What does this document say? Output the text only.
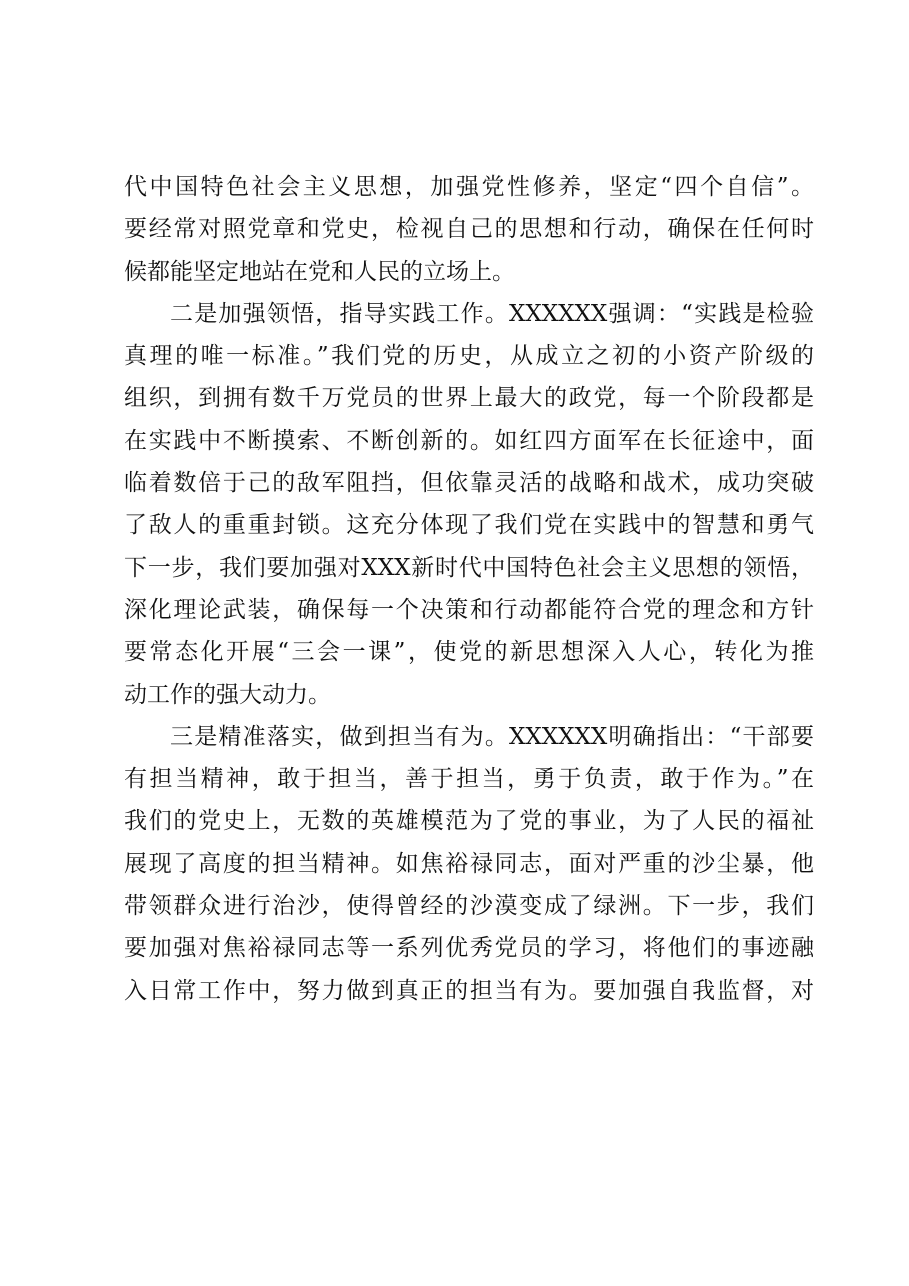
代中国特色社会主义思想，加强党性修养，坚定“四个自信”。
要经常对照党章和党史，检视自己的思想和行动，确保在任何时
候都能坚定地站在党和人民的立场上。
二是加强领悟，指导实践工作。XXXXXX强调：“实践是检验
真理的唯一标准。”我们党的历史，从成立之初的小资产阶级的
组织，到拥有数千万党员的世界上最大的政党，每一个阶段都是
在实践中不断摸索、不断创新的。如红四方面军在长征途中，面
临着数倍于己的敌军阻挡，但依靠灵活的战略和战术，成功突破
了敌人的重重封锁。这充分体现了我们党在实践中的智慧和勇气
下一步，我们要加强对XXX新时代中国特色社会主义思想的领悟，
深化理论武装，确保每一个决策和行动都能符合党的理念和方针
要常态化开展“三会一课”，使党的新思想深入人心，转化为推
动工作的强大动力。
三是精准落实，做到担当有为。XXXXXX明确指出：“干部要
有担当精神，敢于担当，善于担当，勇于负责，敢于作为。”在
我们的党史上，无数的英雄模范为了党的事业，为了人民的福祉
展现了高度的担当精神。如焦裕禄同志，面对严重的沙尘暴，他
带领群众进行治沙，使得曾经的沙漠变成了绿洲。下一步，我们
要加强对焦裕禄同志等一系列优秀党员的学习，将他们的事迹融
入日常工作中，努力做到真正的担当有为。要加强自我监督，对
